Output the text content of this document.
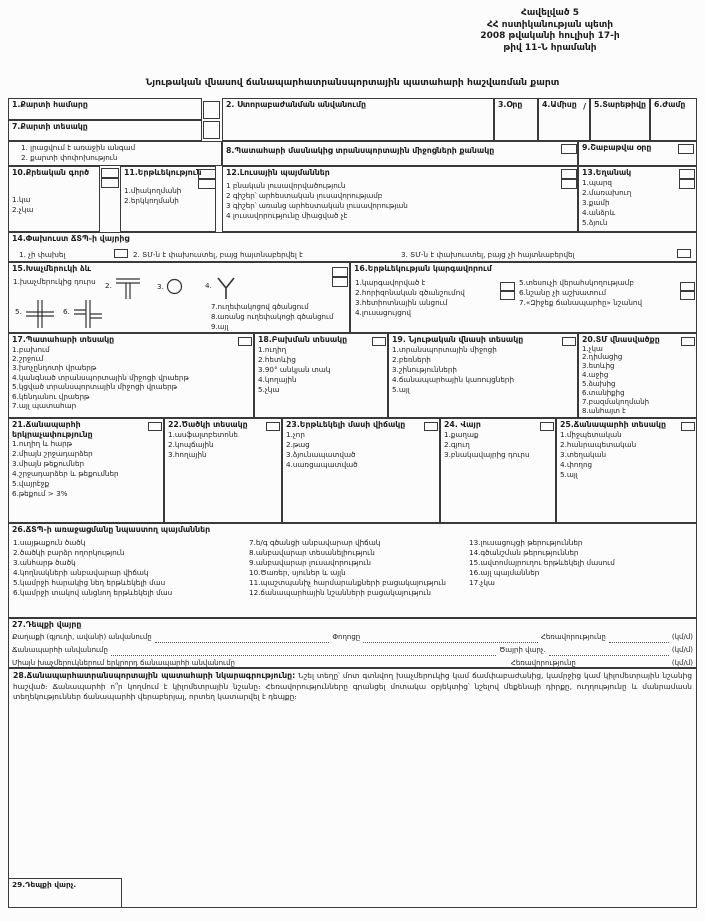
Հավելված 5
ՀՀ ոստիկանության պետի
2008 թվականի հուլիսի 17-ի
թիվ 11-Ն հրամանի
Նյութական վնասով ճանապարհատրանսպորտային պատահարի հաշվառման քարտ
1.Քարտի համարը	2. Ստորաբաժանման անվանումը	3.Օրը	4.Ամիսը / 5.Տարեթիվը 6.Ժամը
7.Քարտի տեսակը
1. լրացվում է առաջին անգամ
2. քարտի փոփոխություն
8.Պատահարի մասնակից տրանսպորտային միջոցների քանակը	9.Շաբաթվա օրը
10.Քրեական գործ
1.կա
2.չկա
11.Երթևեկություն
1.միակողմանի
2.երկկողմանի
12.Լուսային պայմաններ
1 բնական լուսավորվածություն
2 գիշեր՝ արհեստական լուսավորությամբ
3 գիշեր՝ առանց արհեստական լուսավորության
4 լուսավորությունը միացված չէ
13.Եղանակ
1.պարզ
2.մառախուղ
3.քամի
4.անձրև
5.ձյուն
14.Փախուստ ՃՏՊ-ի վայրից
1. չի փախել	2. ՏՄ-ն է փախուստել, բայց հայտնաբերվել է	3. ՏՄ-ն է փախուստել, բայց չի հայտնաբերվել
15.Խաչմերուկի ձև
1.խաչմերուկից դուրս 2.	3.	4.
5.	6.	7.ուղեփակոցով գծանցում
8.առանց ուղեփակոցի գծանցում
9.այլ
16.Երթևեկության կարգավորում
1.կարգավորված է
2.հորիզոնական գծանշումով
3.հետիոտնային անցում
4.լուսացույցով
5.տեսուչի վերահսկողությամբ
6.նշանը չի աշխատում
7.«Զիջեք ճանապարհը» նշանով
17.Պատահարի տեսակը
1.բախում
2.շրջում
3.խոչընդոտի վրաերթ
4.կանգնած տրանսպորտային միջոցի վրաերթ
5.կցված տրանսպորտային միջոցի վրաերթ
6.կենդանու վրաերթ
7.այլ պատահար
18.Բախման տեսակը
1.ուղիղ
2.հետևից
3.90° անկյան տակ
4.կողային
5.չկա
19. Նյութական վնասի տեսակը
1.տրանսպորտային միջոցի
2.բեռների
3.շինությունների
4.ճանապարհային կառույցների
5.այլ
20.ՏՄ վնասվածքը
1.չկա
2.դիմացից
3.ետևից
4.աջից
5.ձախից
6.տանիքից
7.բազմակողմանի
8.անհայտ է
21.Ճանապարհի երկրաչափությունը
1.ուղիղ և հարթ
2.միայն շրջադարձեր
3.միայն թեքումներ
4.շրջադարձեր և թեքումներ
5.վայրէջք
6.թեքում > 3%
22.Ծածկի տեսակը
1.ասֆալտբետոնե
2.կոպճային
3.հողային
23.Երթևեկելի մասի վիճակը
1.չոր
2.թաց
3.ձյունապատված
4.սառցապատված
24. Վայր
1.քաղաք
2.գյուղ
3.բնակավայրից դուրս
25.Ճանապարհի տեսակը
1.միջպետական
2.հանրապետական
3.տեղական
4.փողոց
5.այլ
26.ՃՏՊ-ի առաջացմանը նպաստող պայմաններ
1.սայթաքուն ծածկ
2.ծածկի բարձր ողորկություն
3.անհարթ ծածկ
4.կողնակների անբավարար վիճակ
5.կամրջի հարակից նեղ երթևեկելի մաս
6.կամրջի տակով անցնող երթևեկելի մաս
7.ե/գ գծանցի անբավարար վիճակ
8.անբավարար տեսանելիություն
9.անբավարար լուսավորություն
10.Ծառեր, սյուներ և այլն
11.պաշտպանիչ հարմարանքների բացակայություն
12.ճանապարհային նշանների բացակայություն
13.լուսացույցի թերություններ
14.գծանշման թերություններ
15.ավտոմայրուղու երթևեկելի մասում
16.այլ պայմաններ
17.չկա
27.Դեպքի վայրը
Քաղաքի (գյուղի, ավանի) անվանումը	Փողոցը	Հեռավորությունը	(կմ/մ)
Ճանապարհի անվանումը	Ծայրի վարչ.	(կմ/մ)
Միայն խաչմերուկներում երկրորդ ճանապարհի անվանումը	Հեռավորությունը	(կմ/մ)
28.Ճանապարհատրանսպորտային պատահարի նկարագրությունը: Նշել տեղը՝ մոտ գտնվող խաչմերուկից կամ ճամփաբաժանից, կամրջից կամ կիլոմետրային նշանից հաշված։ Ճանապարհի ո՞ր կողմում է կիլոմետրային նշանը։ Հեռավորությունները գրանցել մոտակա օբյեկտից՝ նշելով մեքենայի դիրքը, ուղղությունը և մանրամասն տեղեկություններ ճանապարհի վերաբերյալ, որտեղ կատարվել է դեպքը։
29.Դեպքի վարչ.
